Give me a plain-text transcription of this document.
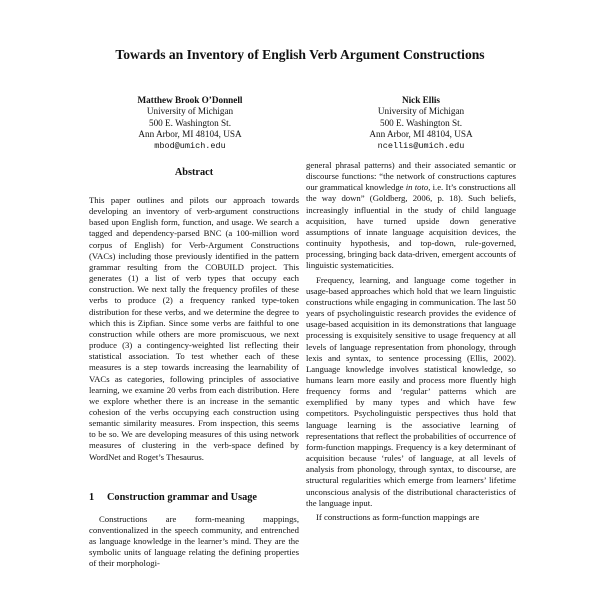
Towards an Inventory of English Verb Argument Constructions
Matthew Brook O’Donnell
University of Michigan
500 E. Washington St.
Ann Arbor, MI 48104, USA
mbod@umich.edu
Nick Ellis
University of Michigan
500 E. Washington St.
Ann Arbor, MI 48104, USA
ncellis@umich.edu
Abstract

This paper outlines and pilots our approach towards developing an inventory of verb-argument constructions based upon English form, function, and usage. We search a tagged and dependency-parsed BNC (a 100-million word corpus of English) for Verb-Argument Constructions (VACs) including those previously identified in the pattern grammar resulting from the COBUILD project. This generates (1) a list of verb types that occupy each construction. We next tally the frequency profiles of these verbs to produce (2) a frequency ranked type-token distribution for these verbs, and we determine the degree to which this is Zipfian. Since some verbs are faithful to one construction while others are more promiscuous, we next produce (3) a contingency-weighted list reflecting their statistical association. To test whether each of these measures is a step towards increasing the learnability of VACs as categories, following principles of associative learning, we examine 20 verbs from each distribution. Here we explore whether there is an increase in the semantic cohesion of the verbs occupying each construction using semantic similarity measures. From inspection, this seems to be so. We are developing measures of this using network measures of clustering in the verb-space defined by WordNet and Roget’s Thesaurus.

1 Construction grammar and Usage

Constructions are form-meaning mappings, conventionalized in the speech community, and entrenched as language knowledge in the learner’s mind. They are the symbolic units of language relating the defining properties of their morphologi-

general phrasal patterns) and their associated semantic or discourse functions: “the network of constructions captures our grammatical knowledge in toto, i.e. It’s constructions all the way down” (Goldberg, 2006, p. 18). Such beliefs, increasingly influential in the study of child language acquisition, have turned upside down generative assumptions of innate language acquisition devices, the continuity hypothesis, and top-down, rule-governed, processing, bringing back data-driven, emergent accounts of linguistic systematicities.

Frequency, learning, and language come together in usage-based approaches which hold that we learn linguistic constructions while engaging in communication. The last 50 years of psycholinguistic research provides the evidence of usage-based acquisition in its demonstrations that language processing is exquisitely sensitive to usage frequency at all levels of language representation from phonology, through lexis and syntax, to sentence processing (Ellis, 2002). Language knowledge involves statistical knowledge, so humans learn more easily and process more fluently high frequency forms and ‘regular’ patterns which are exemplified by many types and which have few competitors. Psycholinguistic perspectives thus hold that language learning is the associative learning of representations that reflect the probabilities of occurrence of form-function mappings. Frequency is a key determinant of acquisition because ‘rules’ of language, at all levels of analysis from phonology, through syntax, to discourse, are structural regularities which emerge from learners’ lifetime unconscious analysis of the distributional characteristics of the language input.

If constructions as form-function mappings are
